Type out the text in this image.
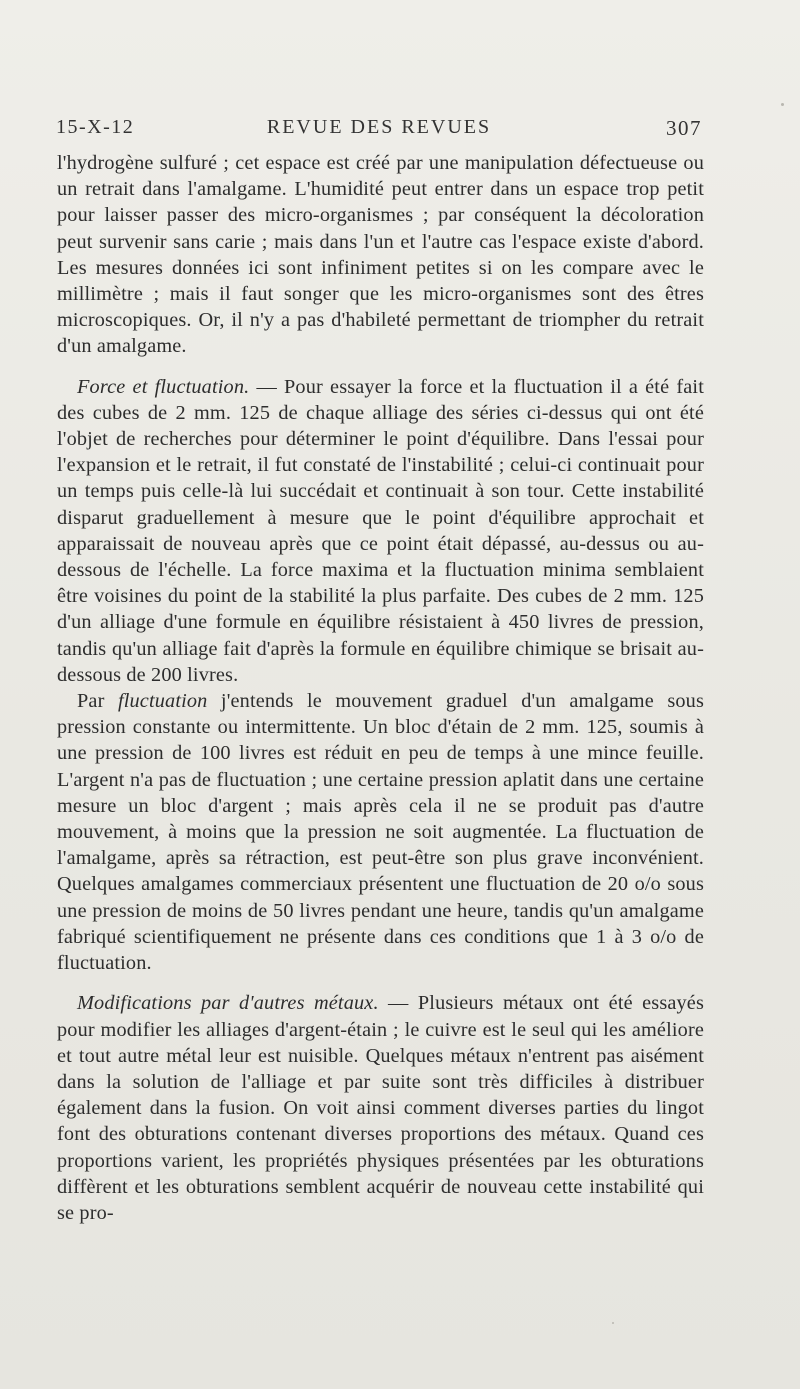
15-X-12	REVUE DES REVUES	307

l'hydrogène sulfuré ; cet espace est créé par une manipulation défectueuse ou un retrait dans l'amalgame. L'humidité peut entrer dans un espace trop petit pour laisser passer des micro-organismes ; par conséquent la décoloration peut survenir sans carie ; mais dans l'un et l'autre cas l'espace existe d'abord. Les mesures données ici sont infiniment petites si on les compare avec le millimètre ; mais il faut songer que les micro-organismes sont des êtres microscopiques. Or, il n'y a pas d'habileté permettant de triompher du retrait d'un amalgame.

Force et fluctuation. — Pour essayer la force et la fluctuation il a été fait des cubes de 2 mm. 125 de chaque alliage des séries ci-dessus qui ont été l'objet de recherches pour déterminer le point d'équilibre. Dans l'essai pour l'expansion et le retrait, il fut constaté de l'instabilité ; celui-ci continuait pour un temps puis celle-là lui succédait et continuait à son tour. Cette instabilité disparut graduellement à mesure que le point d'équilibre approchait et apparaissait de nouveau après que ce point était dépassé, au-dessus ou au-dessous de l'échelle. La force maxima et la fluctuation minima semblaient être voisines du point de la stabilité la plus parfaite. Des cubes de 2 mm. 125 d'un alliage d'une formule en équilibre résistaient à 450 livres de pression, tandis qu'un alliage fait d'après la formule en équilibre chimique se brisait au-dessous de 200 livres.

Par fluctuation j'entends le mouvement graduel d'un amalgame sous pression constante ou intermittente. Un bloc d'étain de 2 mm. 125, soumis à une pression de 100 livres est réduit en peu de temps à une mince feuille. L'argent n'a pas de fluctuation ; une certaine pression aplatit dans une certaine mesure un bloc d'argent ; mais après cela il ne se produit pas d'autre mouvement, à moins que la pression ne soit augmentée. La fluctuation de l'amalgame, après sa rétraction, est peut-être son plus grave inconvénient. Quelques amalgames commerciaux présentent une fluctuation de 20 o/o sous une pression de moins de 50 livres pendant une heure, tandis qu'un amalgame fabriqué scientifiquement ne présente dans ces conditions que 1 à 3 o/o de fluctuation.

Modifications par d'autres métaux. — Plusieurs métaux ont été essayés pour modifier les alliages d'argent-étain ; le cuivre est le seul qui les améliore et tout autre métal leur est nuisible. Quelques métaux n'entrent pas aisément dans la solution de l'alliage et par suite sont très difficiles à distribuer également dans la fusion. On voit ainsi comment diverses parties du lingot font des obturations contenant diverses proportions des métaux. Quand ces proportions varient, les propriétés physiques présentées par les obturations diffèrent et les obturations semblent acquérir de nouveau cette instabilité qui se pro-
